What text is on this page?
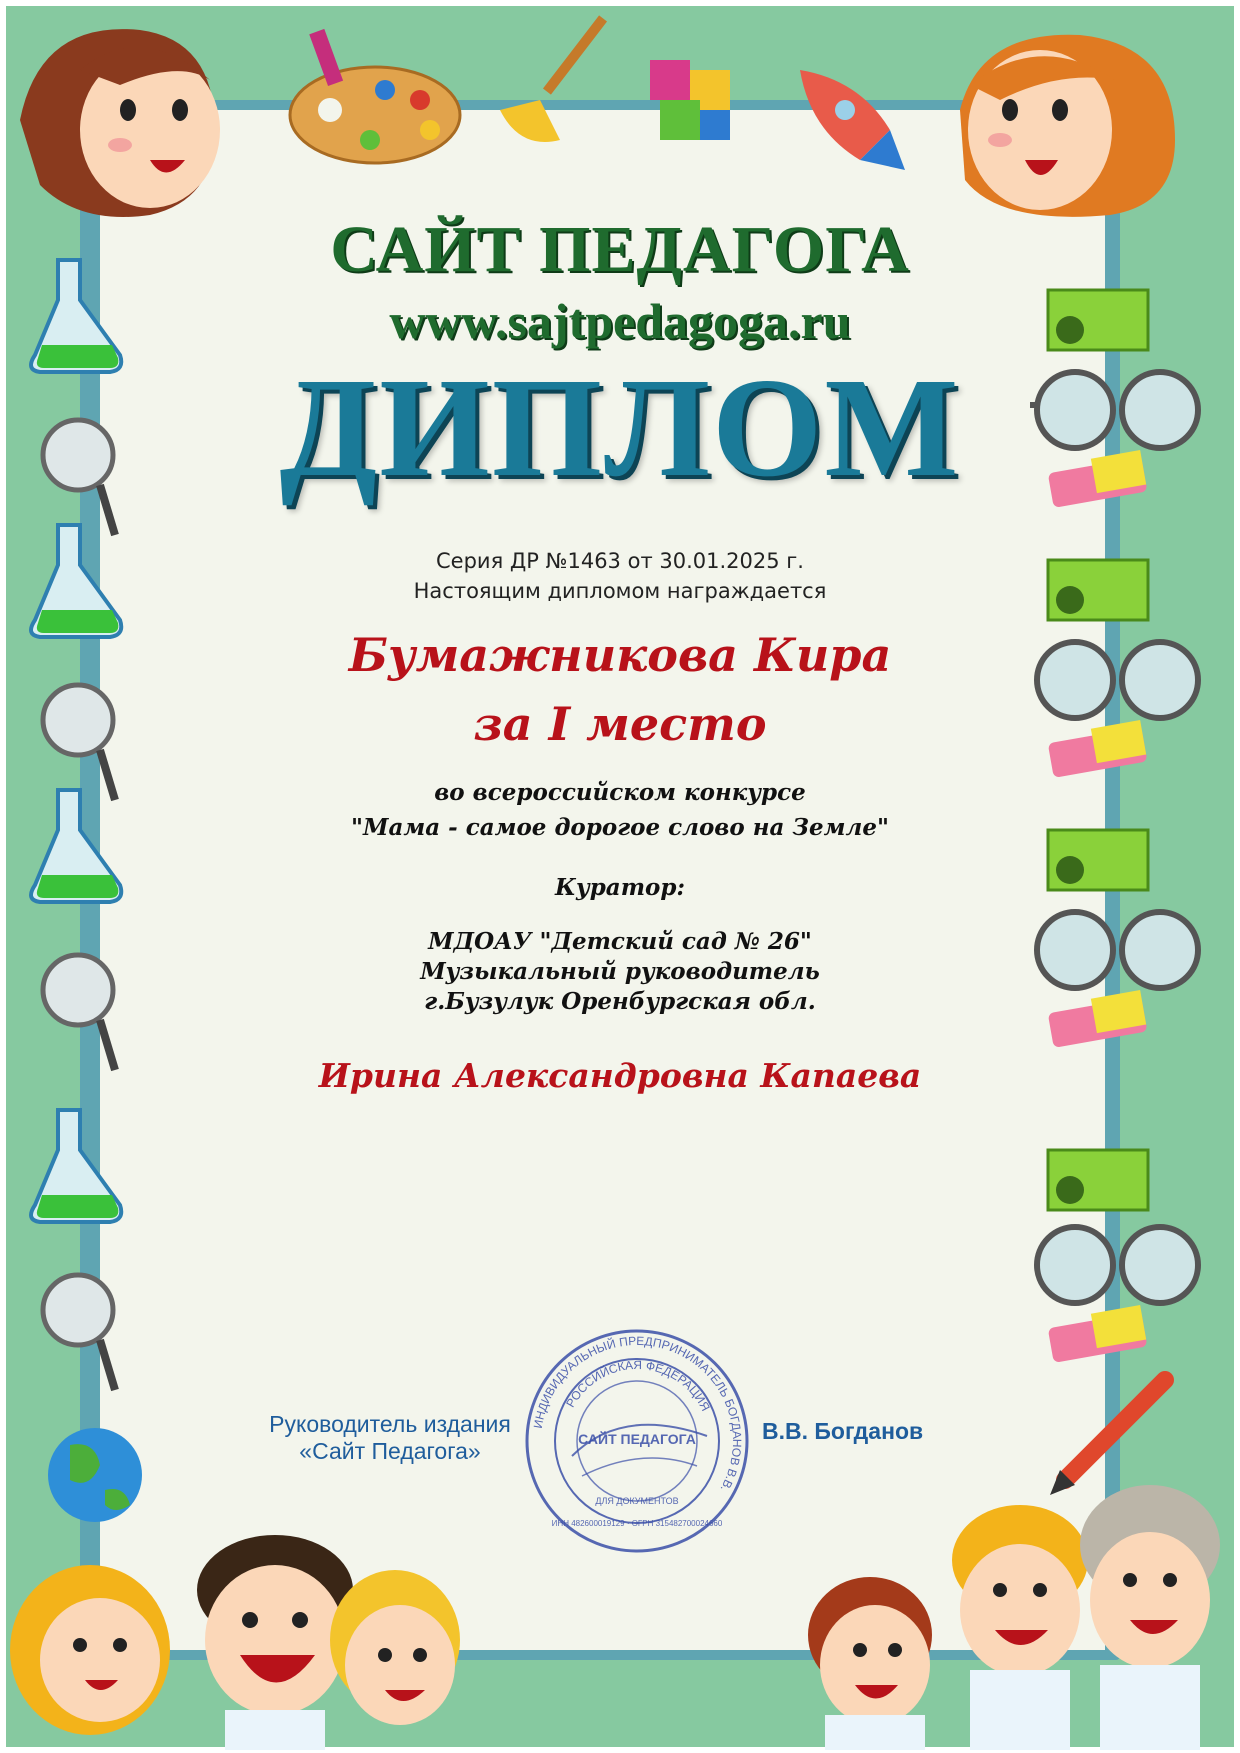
САЙТ ПЕДАГОГА
www.sajtpedagoga.ru
ДИПЛОМ
Серия ДР №1463 от 30.01.2025 г.
Настоящим дипломом награждается
Бумажникова Кира
за I место
во всероссийском конкурсе
"Мама - самое дорогое слово на Земле"
Куратор:
МДОАУ "Детский сад № 26"
Музыкальный руководитель
г.Бузулук Оренбургская обл.
Ирина Александровна Капаева
Руководитель издания
«Сайт Педагога»
ИНДИВИДУАЛЬНЫЙ ПРЕДПРИНИМАТЕЛЬ БОГДАНОВ В.В.
РОССИЙСКАЯ ФЕДЕРАЦИЯ
САЙТ ПЕДАГОГА
ДЛЯ ДОКУМЕНТОВ
ИНН 482600019129 · ОГРН 315482700024660
В.В. Богданов
